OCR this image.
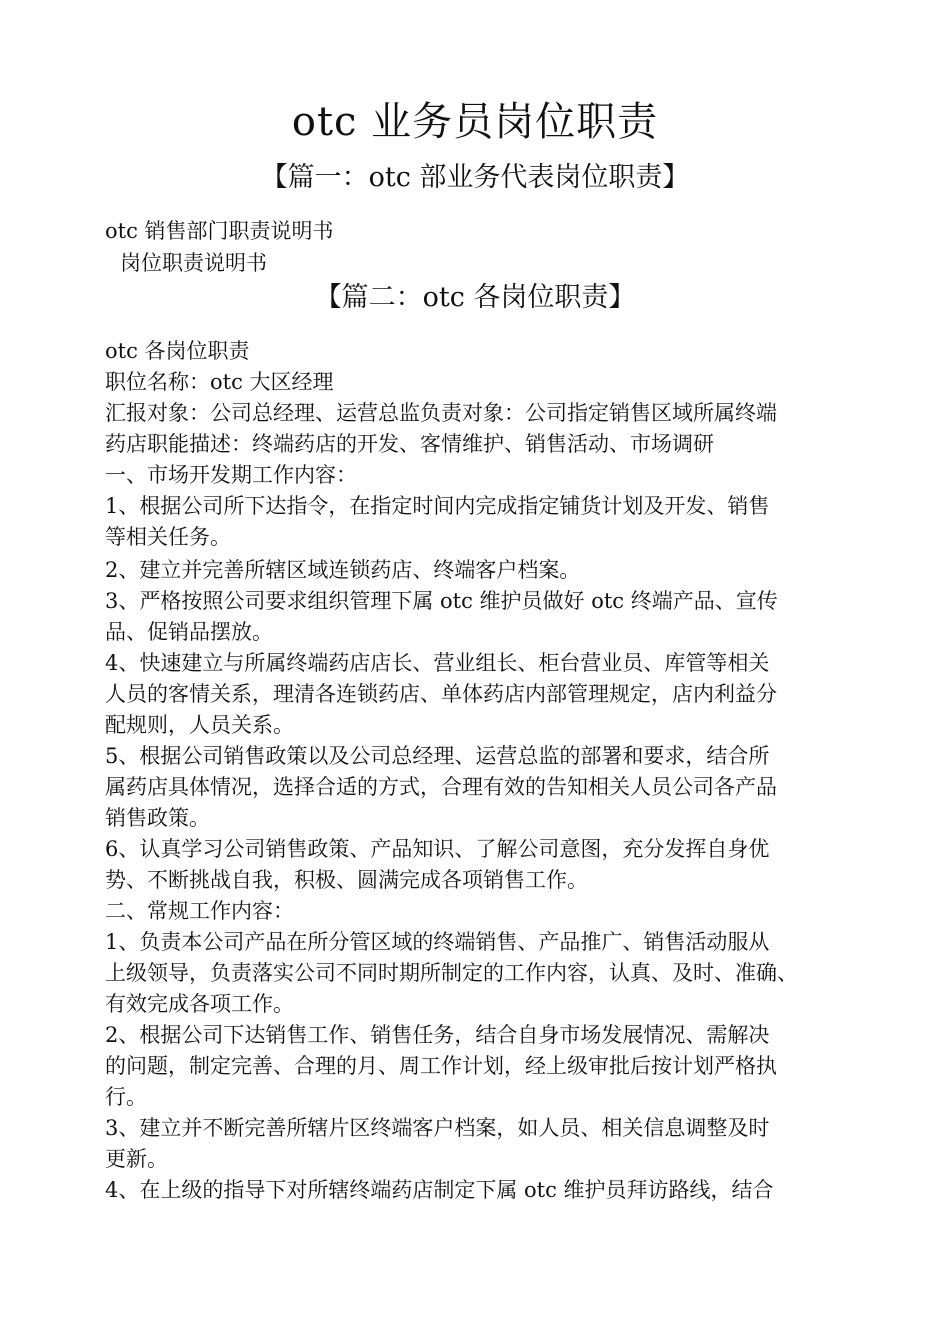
otc 业务员岗位职责
【篇一：otc 部业务代表岗位职责】
otc 销售部门职责说明书
岗位职责说明书
【篇二：otc 各岗位职责】
otc 各岗位职责
职位名称：otc 大区经理
汇报对象：公司总经理、运营总监负责对象：公司指定销售区域所属终端
药店职能描述：终端药店的开发、客情维护、销售活动、市场调研
一、市场开发期工作内容：
1、根据公司所下达指令，在指定时间内完成指定铺货计划及开发、销售
等相关任务。
2、建立并完善所辖区域连锁药店、终端客户档案。
3、严格按照公司要求组织管理下属 otc 维护员做好 otc 终端产品、宣传
品、促销品摆放。
4、快速建立与所属终端药店店长、营业组长、柜台营业员、库管等相关
人员的客情关系，理清各连锁药店、单体药店内部管理规定，店内利益分
配规则，人员关系。
5、根据公司销售政策以及公司总经理、运营总监的部署和要求，结合所
属药店具体情况，选择合适的方式，合理有效的告知相关人员公司各产品
销售政策。
6、认真学习公司销售政策、产品知识、了解公司意图，充分发挥自身优
势、不断挑战自我，积极、圆满完成各项销售工作。
二、常规工作内容：
1、负责本公司产品在所分管区域的终端销售、产品推广、销售活动服从
上级领导，负责落实公司不同时期所制定的工作内容，认真、及时、准确、
有效完成各项工作。
2、根据公司下达销售工作、销售任务，结合自身市场发展情况、需解决
的问题，制定完善、合理的月、周工作计划，经上级审批后按计划严格执
行。
3、建立并不断完善所辖片区终端客户档案，如人员、相关信息调整及时
更新。
4、在上级的指导下对所辖终端药店制定下属 otc 维护员拜访路线，结合
